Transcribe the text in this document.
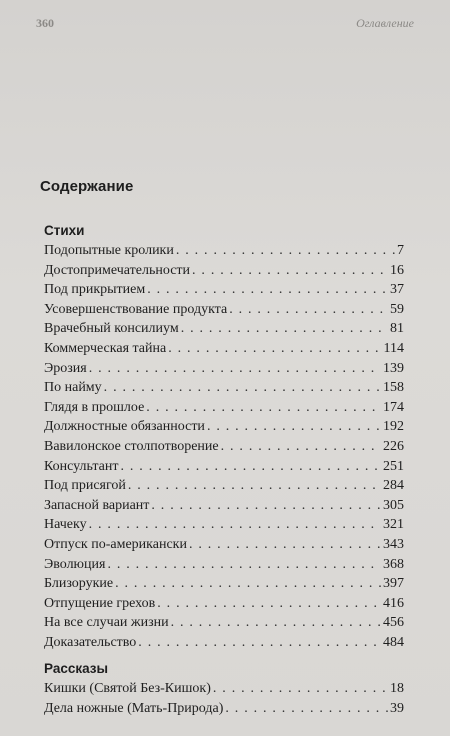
360	Оглавление
Содержание
Стихи
Подопытные кролики . . .	7
Достопримечательности . . .	16
Под прикрытием . . .	37
Усовершенствование продукта . . .	59
Врачебный консилиум . . .	81
Коммерческая тайна . . .	114
Эрозия . . .	139
По найму . . .	158
Глядя в прошлое . . .	174
Должностные обязанности . . .	192
Вавилонское столпотворение . . .	226
Консультант . . .	251
Под присягой . . .	284
Запасной вариант . . .	305
Начеку . . .	321
Отпуск по-американски . . .	343
Эволюция . . .	368
Близорукие . . .	397
Отпущение грехов . . .	416
На все случаи жизни . . .	456
Доказательство . . .	484
Рассказы
Кишки (Святой Без-Кишок) . . .	18
Дела ножные (Мать-Природа) . . .	39
